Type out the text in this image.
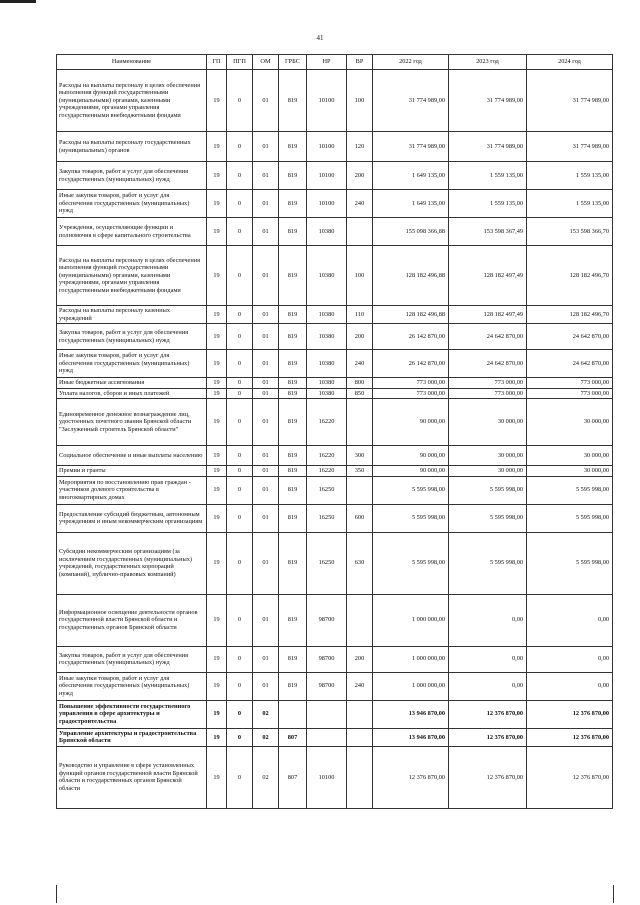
41
Наименование	ГП	ПГП	ОМ	ГРБС	НР	ВР	2022 год	2023 год	2024 год
Расходы на выплаты персоналу в целях обеспечения выполнения функций государственными (муниципальными) органами, казенными учреждениями, органами управления государственными внебюджетными фондами	19	0	01	819	10100	100	31 774 989,00	31 774 989,00	31 774 989,00
Расходы на выплаты персоналу государственных (муниципальных) органов	19	0	01	819	10100	120	31 774 989,00	31 774 989,00	31 774 989,00
Закупка товаров, работ и услуг для обеспечения государственных (муниципальных) нужд	19	0	01	819	10100	200	1 649 135,00	1 559 135,00	1 559 135,00
Иные закупки товаров, работ и услуг для обеспечения государственных (муниципальных) нужд	19	0	01	819	10100	240	1 649 135,00	1 559 135,00	1 559 135,00
Учреждения, осуществляющие функции и полномочия в сфере капитального строительства	19	0	01	819	10380		155 098 366,88	153 598 367,49	153 598 366,70
Расходы на выплаты персоналу в целях обеспечения выполнения функций государственными (муниципальными) органами, казенными учреждениями, органами управления государственными внебюджетными фондами	19	0	01	819	10380	100	128 182 496,88	128 182 497,49	128 182 496,70
Расходы на выплаты персоналу казенных учреждений	19	0	01	819	10380	110	128 182 496,88	128 182 497,49	128 182 496,70
Закупка товаров, работ и услуг для обеспечения государственных (муниципальных) нужд	19	0	01	819	10380	200	26 142 870,00	24 642 870,00	24 642 870,00
Иные закупки товаров, работ и услуг для обеспечения государственных (муниципальных) нужд	19	0	01	819	10380	240	26 142 870,00	24 642 870,00	24 642 870,00
Иные бюджетные ассигнования	19	0	01	819	10380	800	773 000,00	773 000,00	773 000,00
Уплата налогов, сборов и иных платежей	19	0	01	819	10380	850	773 000,00	773 000,00	773 000,00
Единовременное денежное вознаграждение лиц, удостоенных почетного звания Брянской области "Заслуженный строитель Брянской области"	19	0	01	819	16220		90 000,00	30 000,00	30 000,00
Социальное обеспечение и иные выплаты населению	19	0	01	819	16220	300	90 000,00	30 000,00	30 000,00
Премии и гранты	19	0	01	819	16220	350	90 000,00	30 000,00	30 000,00
Мероприятия по восстановлению прав граждан - участников долевого строительства в многоквартирных домах	19	0	01	819	16250		5 595 998,00	5 595 998,00	5 595 998,00
Предоставление субсидий бюджетным, автономным учреждениям и иным некоммерческим организациям	19	0	01	819	16250	600	5 595 998,00	5 595 998,00	5 595 998,00
Субсидии некоммерческим организациям (за исключением государственных (муниципальных) учреждений, государственных корпораций (компаний), публично-правовых компаний)	19	0	01	819	16250	630	5 595 998,00	5 595 998,00	5 595 998,00
Информационное освещение деятельности органов государственной власти Брянской области и государственных органов Брянской области	19	0	01	819	98700		1 000 000,00	0,00	0,00
Закупка товаров, работ и услуг для обеспечения государственных (муниципальных) нужд	19	0	01	819	98700	200	1 000 000,00	0,00	0,00
Иные закупки товаров, работ и услуг для обеспечения государственных (муниципальных) нужд	19	0	01	819	98700	240	1 000 000,00	0,00	0,00
Повышение эффективности государственного управления в сфере архитектуры и градостроительства	19	0	02				13 946 870,00	12 376 870,00	12 376 870,00
Управление архитектуры и градостроительства Брянской области	19	0	02	807			13 946 870,00	12 376 870,00	12 376 870,00
Руководство и управление в сфере установленных функций органов государственной власти Брянской области и государственных органов Брянской области	19	0	02	807	10100		12 376 870,00	12 376 870,00	12 376 870,00
